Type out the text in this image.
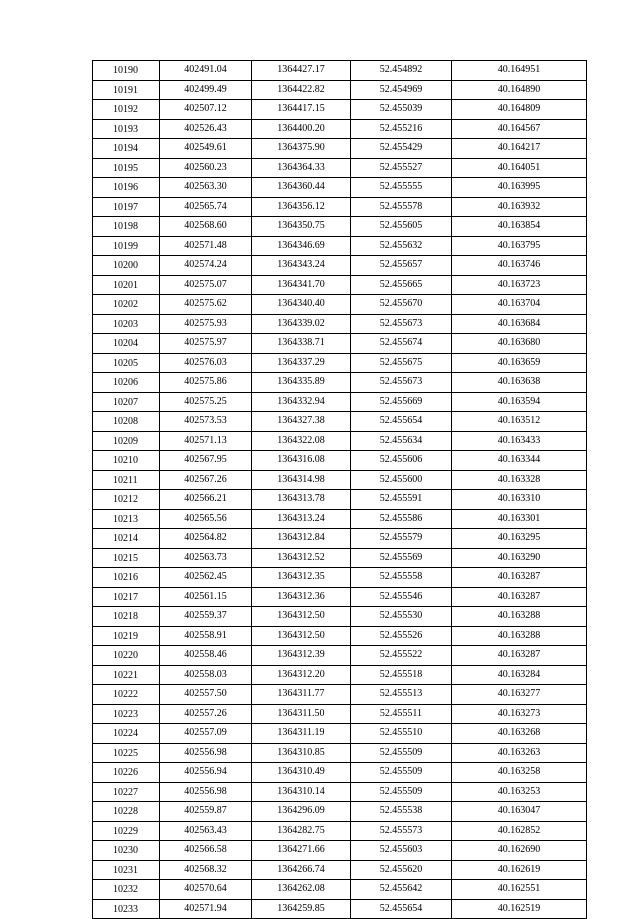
10190	402491.04	1364427.17	52.454892	40.164951
10191	402499.49	1364422.82	52.454969	40.164890
10192	402507.12	1364417.15	52.455039	40.164809
10193	402526.43	1364400.20	52.455216	40.164567
10194	402549.61	1364375.90	52.455429	40.164217
10195	402560.23	1364364.33	52.455527	40.164051
10196	402563.30	1364360.44	52.455555	40.163995
10197	402565.74	1364356.12	52.455578	40.163932
10198	402568.60	1364350.75	52.455605	40.163854
10199	402571.48	1364346.69	52.455632	40.163795
10200	402574.24	1364343.24	52.455657	40.163746
10201	402575.07	1364341.70	52.455665	40.163723
10202	402575.62	1364340.40	52.455670	40.163704
10203	402575.93	1364339.02	52.455673	40.163684
10204	402575.97	1364338.71	52.455674	40.163680
10205	402576.03	1364337.29	52.455675	40.163659
10206	402575.86	1364335.89	52.455673	40.163638
10207	402575.25	1364332.94	52.455669	40.163594
10208	402573.53	1364327.38	52.455654	40.163512
10209	402571.13	1364322.08	52.455634	40.163433
10210	402567.95	1364316.08	52.455606	40.163344
10211	402567.26	1364314.98	52.455600	40.163328
10212	402566.21	1364313.78	52.455591	40.163310
10213	402565.56	1364313.24	52.455586	40.163301
10214	402564.82	1364312.84	52.455579	40.163295
10215	402563.73	1364312.52	52.455569	40.163290
10216	402562.45	1364312.35	52.455558	40.163287
10217	402561.15	1364312.36	52.455546	40.163287
10218	402559.37	1364312.50	52.455530	40.163288
10219	402558.91	1364312.50	52.455526	40.163288
10220	402558.46	1364312.39	52.455522	40.163287
10221	402558.03	1364312.20	52.455518	40.163284
10222	402557.50	1364311.77	52.455513	40.163277
10223	402557.26	1364311.50	52.455511	40.163273
10224	402557.09	1364311.19	52.455510	40.163268
10225	402556.98	1364310.85	52.455509	40.163263
10226	402556.94	1364310.49	52.455509	40.163258
10227	402556.98	1364310.14	52.455509	40.163253
10228	402559.87	1364296.09	52.455538	40.163047
10229	402563.43	1364282.75	52.455573	40.162852
10230	402566.58	1364271.66	52.455603	40.162690
10231	402568.32	1364266.74	52.455620	40.162619
10232	402570.64	1364262.08	52.455642	40.162551
10233	402571.94	1364259.85	52.455654	40.162519
